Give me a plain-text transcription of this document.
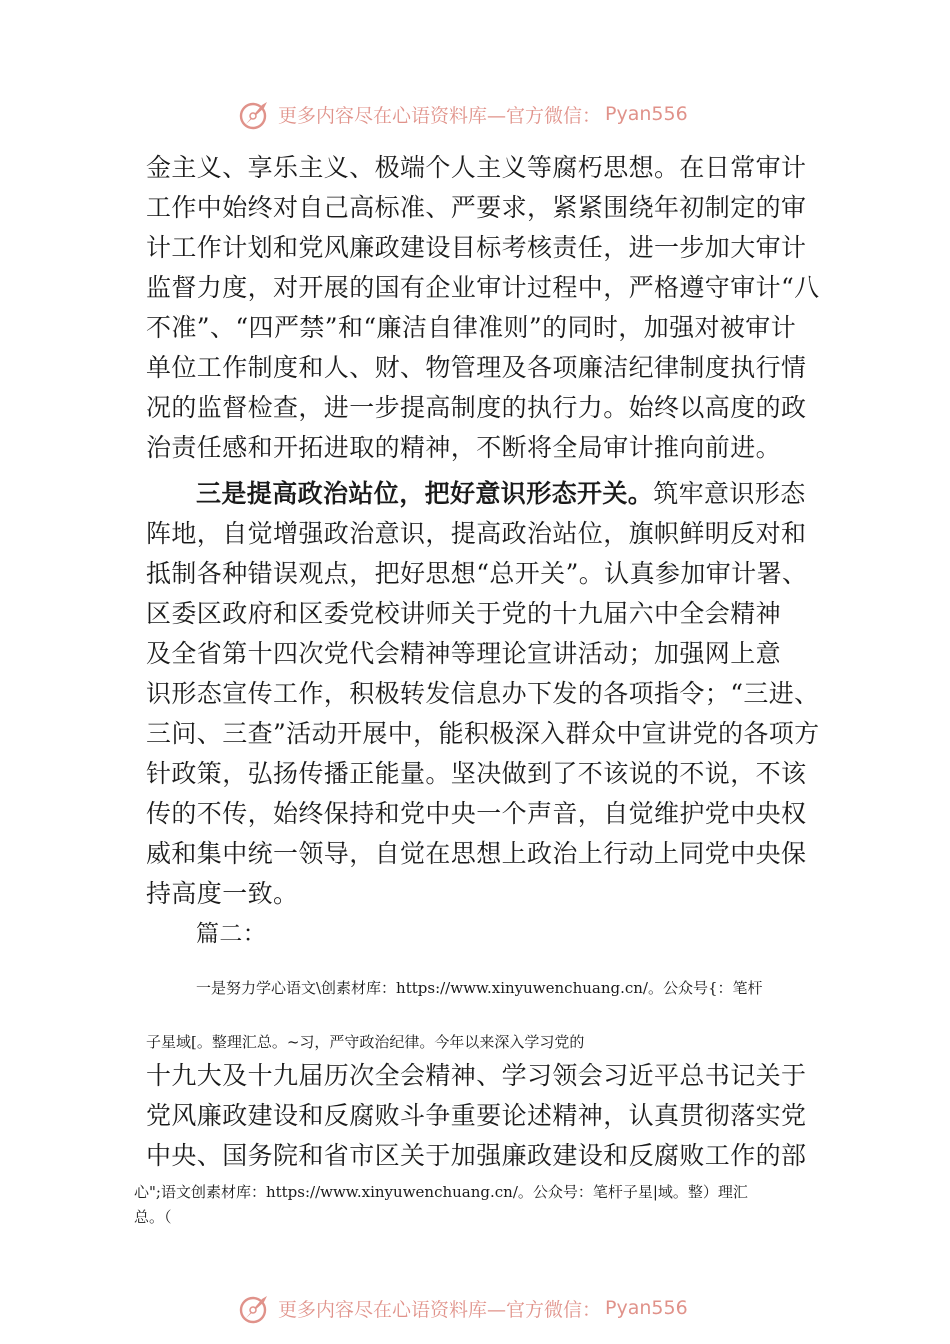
更多内容尽在心语资料库—官方微信： Pyan556
金主义、享乐主义、极端个人主义等腐朽思想。在日常审计
工作中始终对自己高标准、严要求，紧紧围绕年初制定的审
计工作计划和党风廉政建设目标考核责任，进一步加大审计
监督力度，对开展的国有企业审计过程中，严格遵守审计“八
不准”、“四严禁”和“廉洁自律准则”的同时，加强对被审计
单位工作制度和人、财、物管理及各项廉洁纪律制度执行情
况的监督检查，进一步提高制度的执行力。始终以高度的政
治责任感和开拓进取的精神，不断将全局审计推向前进。
三是提高政治站位，把好意识形态开关。筑牢意识形态
阵地，自觉增强政治意识，提高政治站位，旗帜鲜明反对和
抵制各种错误观点，把好思想“总开关”。认真参加审计署、
区委区政府和区委党校讲师关于党的十九届六中全会精神
及全省第十四次党代会精神等理论宣讲活动；加强网上意
识形态宣传工作，积极转发信息办下发的各项指令；“三进、
三问、三查”活动开展中，能积极深入群众中宣讲党的各项方
针政策，弘扬传播正能量。坚决做到了不该说的不说，不该
传的不传，始终保持和党中央一个声音，自觉维护党中央权
威和集中统一领导，自觉在思想上政治上行动上同党中央保
持高度一致。
篇二：
一是努力学心语文\创素材库：https://www.xinyuwenchuang.cn/。公众号{：笔杆
子星域[。整理汇总。~习，严守政治纪律。今年以来深入学习党的
十九大及十九届历次全会精神、学习领会习近平总书记关于
党风廉政建设和反腐败斗争重要论述精神，认真贯彻落实党
中央、国务院和省市区关于加强廉政建设和反腐败工作的部
心";语文创素材库：https://www.xinyuwenchuang.cn/。公众号：笔杆子星|域。整）理汇
总。（
更多内容尽在心语资料库—官方微信： Pyan556
